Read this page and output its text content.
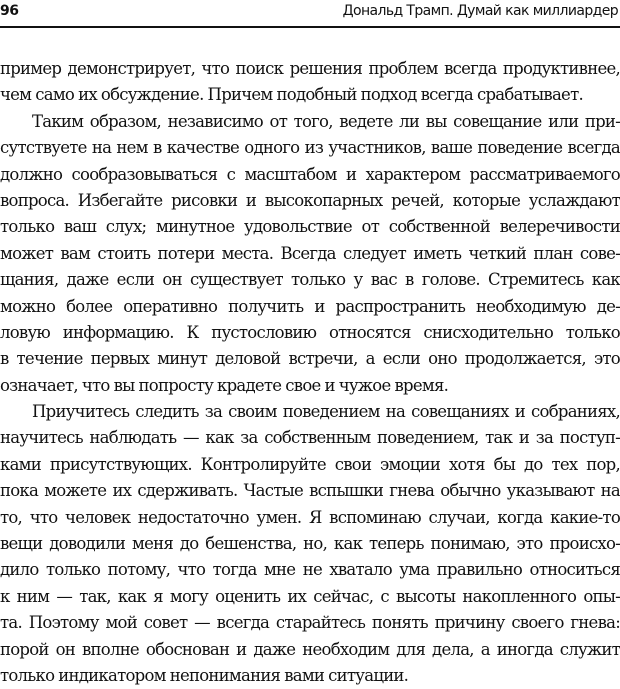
96	Дональд Трамп. Думай как миллиардер
пример демонстрирует, что поиск решения проблем всегда продуктивнее,
чем само их обсуждение. Причем подобный подход всегда срабатывает.
Таким образом, независимо от того, ведете ли вы совещание или при-
сутствуете на нем в качестве одного из участников, ваше поведение всегда
должно сообразовываться с масштабом и характером рассматриваемого
вопроса. Избегайте рисовки и высокопарных речей, которые услаждают
только ваш слух; минутное удовольствие от собственной велеречивости
может вам стоить потери места. Всегда следует иметь четкий план сове-
щания, даже если он существует только у вас в голове. Стремитесь как
можно более оперативно получить и распространить необходимую де-
ловую информацию. К пустословию относятся снисходительно только
в течение первых минут деловой встречи, а если оно продолжается, это
означает, что вы попросту крадете свое и чужое время.
Приучитесь следить за своим поведением на совещаниях и собраниях,
научитесь наблюдать — как за собственным поведением, так и за поступ-
ками присутствующих. Контролируйте свои эмоции хотя бы до тех пор,
пока можете их сдерживать. Частые вспышки гнева обычно указывают на
то, что человек недостаточно умен. Я вспоминаю случаи, когда какие-то
вещи доводили меня до бешенства, но, как теперь понимаю, это происхо-
дило только потому, что тогда мне не хватало ума правильно относиться
к ним — так, как я могу оценить их сейчас, с высоты накопленного опы-
та. Поэтому мой совет — всегда старайтесь понять причину своего гнева:
порой он вполне обоснован и даже необходим для дела, а иногда служит
только индикатором непонимания вами ситуации.
